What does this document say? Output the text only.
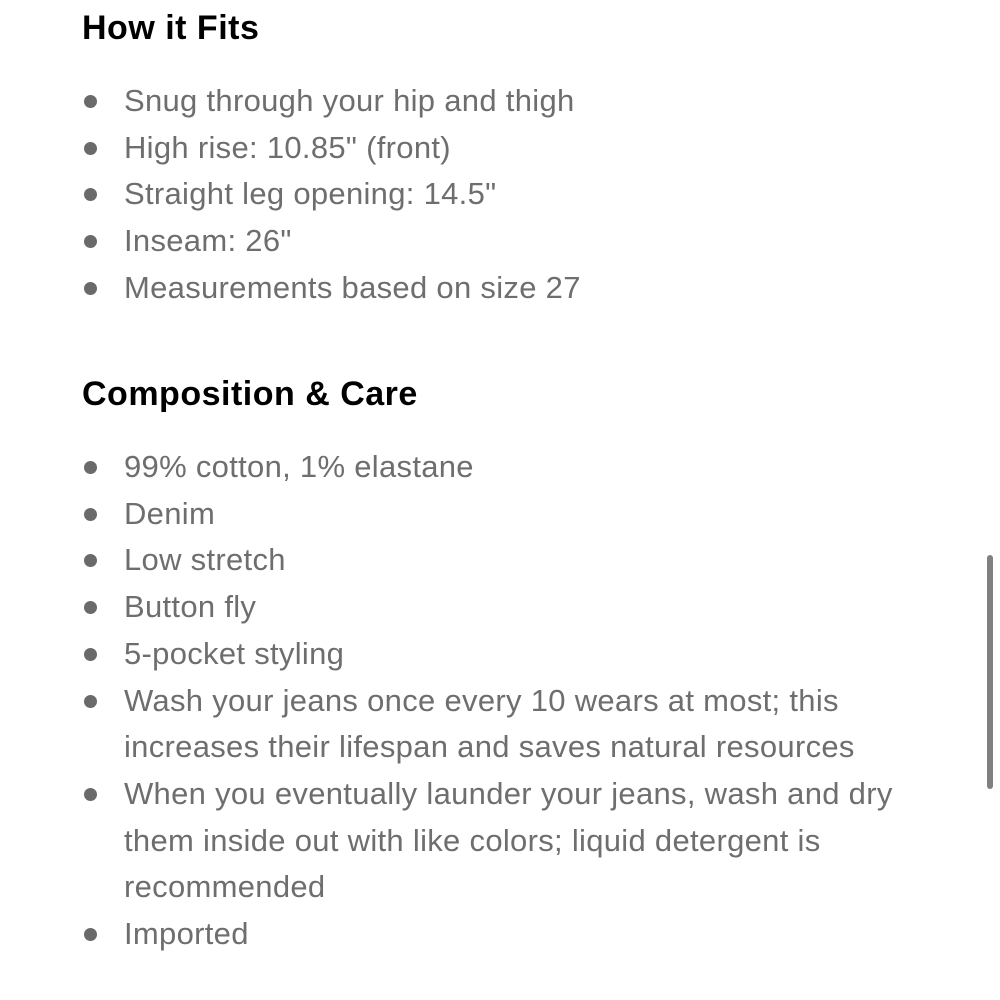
How it Fits
Snug through your hip and thigh
High rise: 10.85" (front)
Straight leg opening: 14.5"
Inseam: 26"
Measurements based on size 27
Composition & Care
99% cotton, 1% elastane
Denim
Low stretch
Button fly
5-pocket styling
Wash your jeans once every 10 wears at most; this increases their lifespan and saves natural resources
When you eventually launder your jeans, wash and dry them inside out with like colors; liquid detergent is recommended
Imported
